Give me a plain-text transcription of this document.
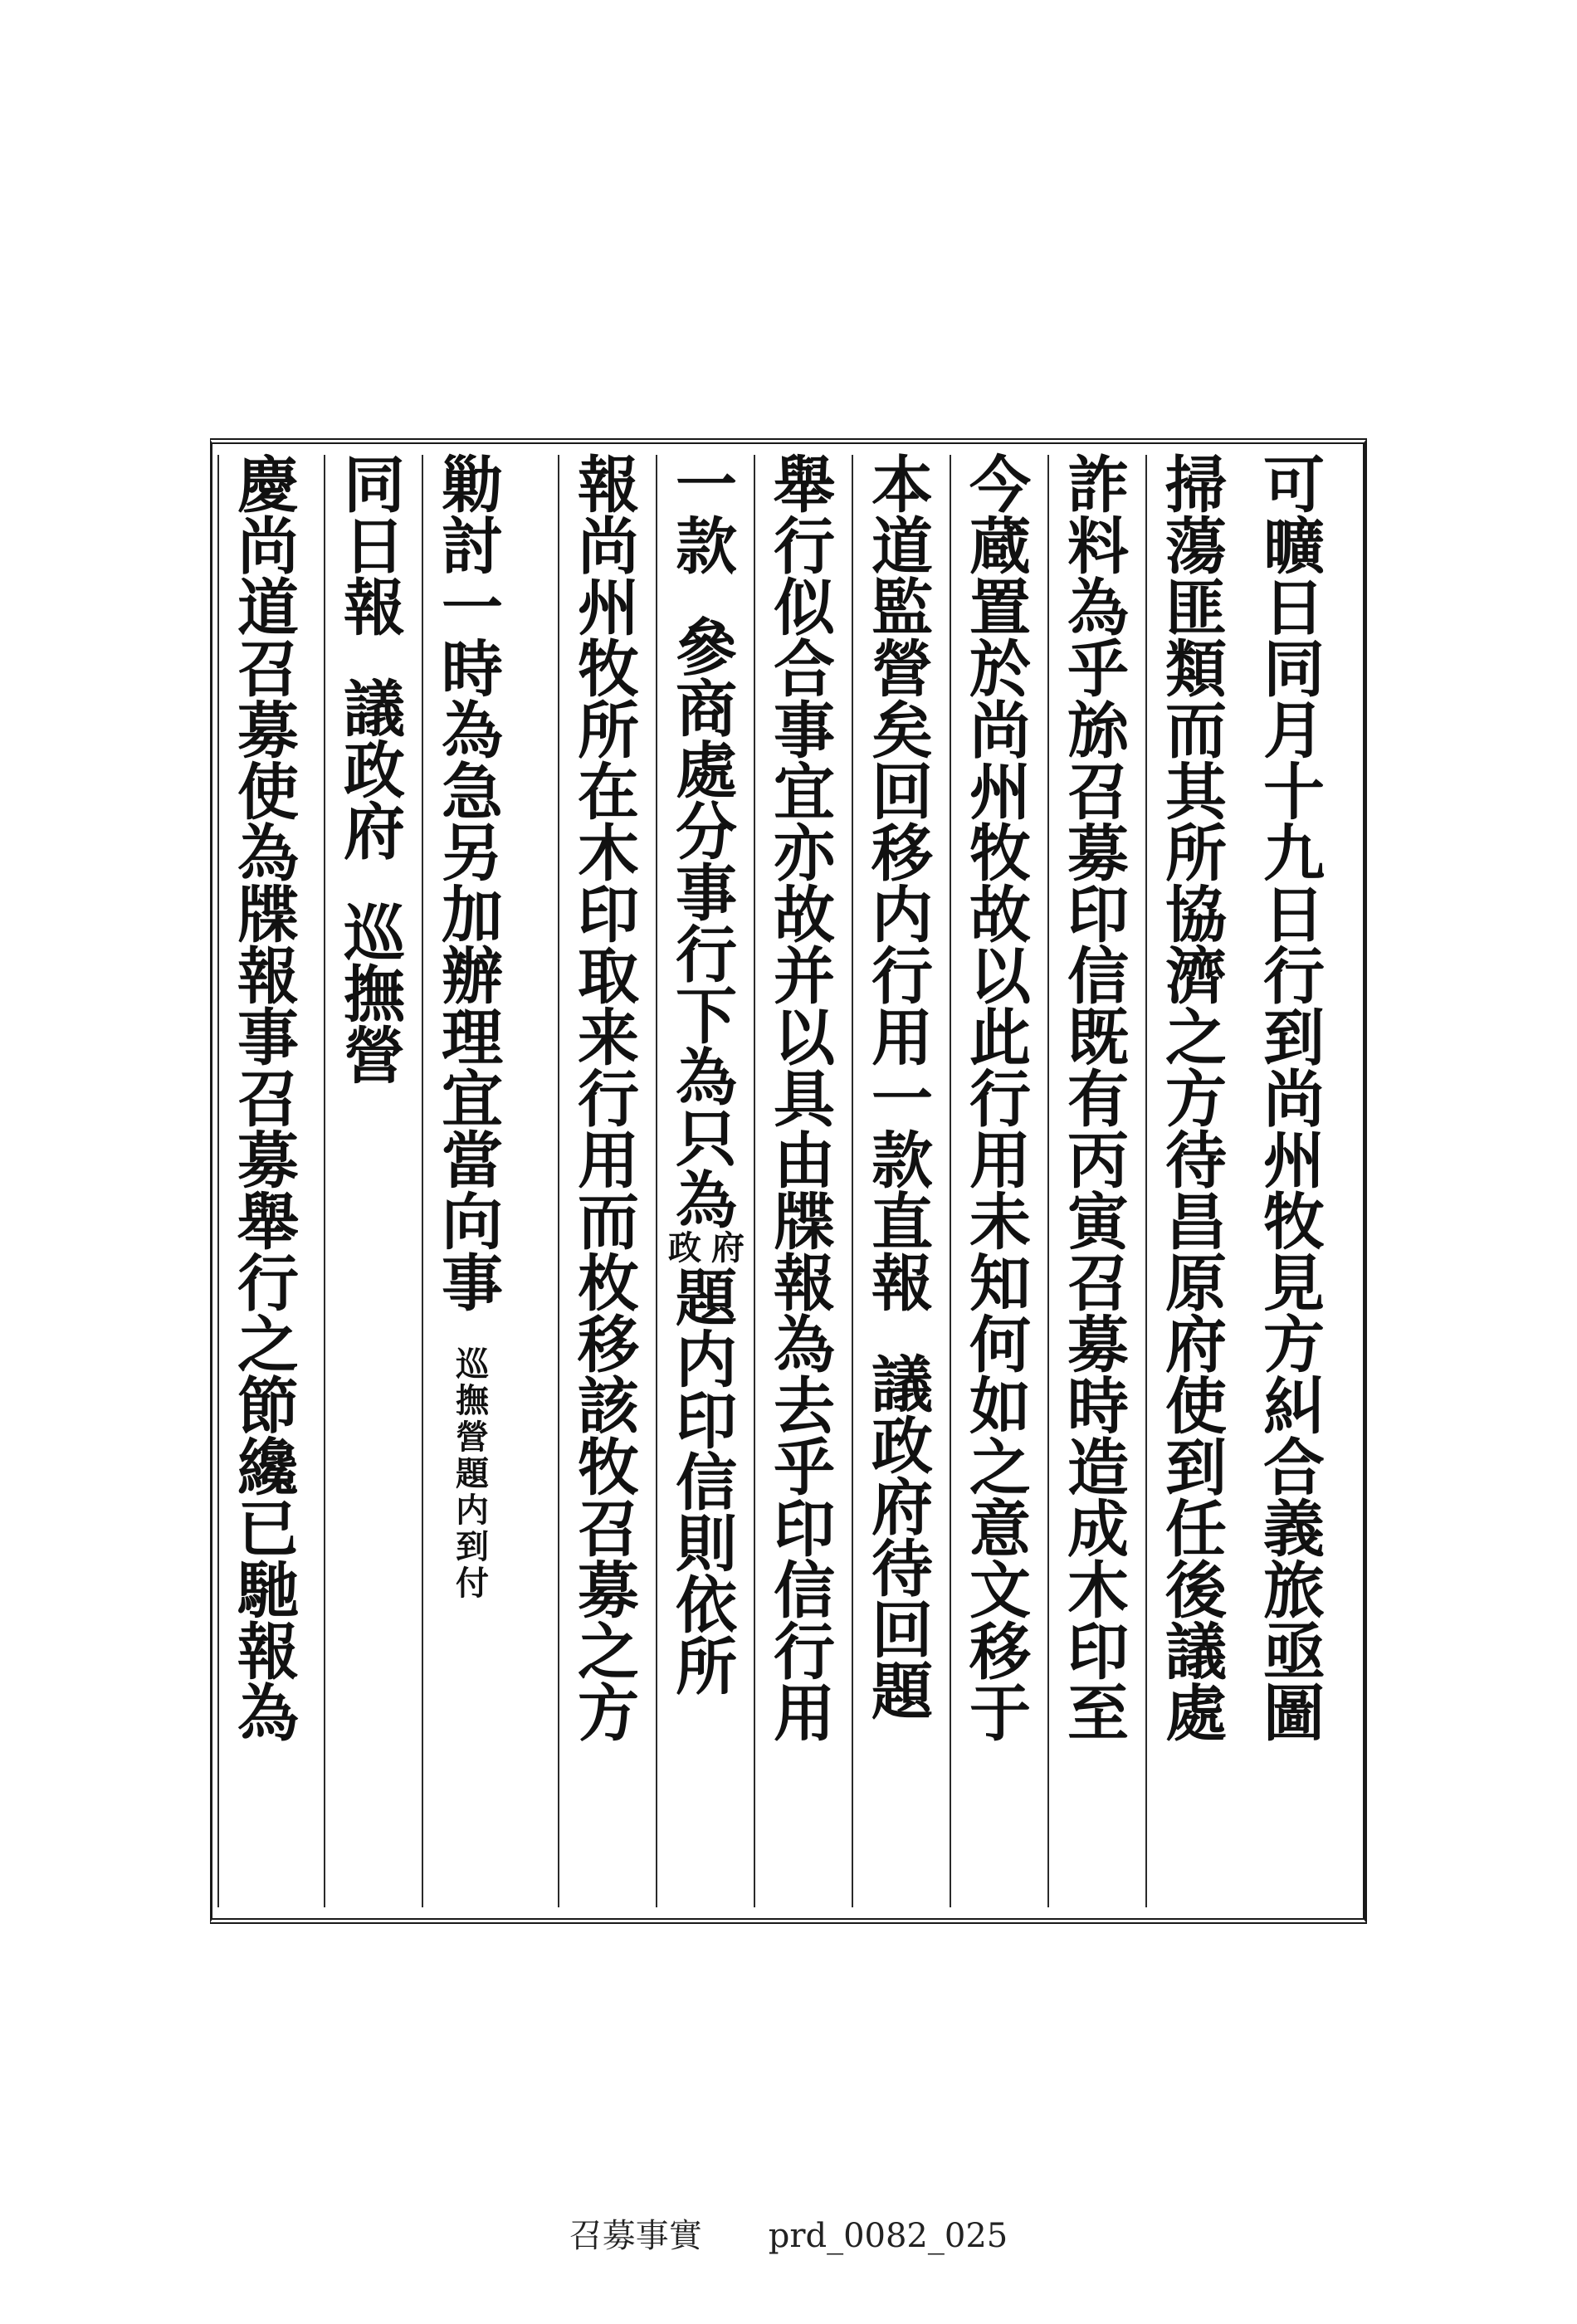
可
曠
日
同
月
十
九
日
行
到
尚
州
牧
見
方
糾
合
義
旅
亟
圖
掃
蕩
匪
類
而
其
所
協
濟
之
方
待
昌
原
府
使
到
任
後
議
處
詐
料
為
乎
旀
召
募
印
信
既
有
丙
寅
召
募
時
造
成
木
印
至
今
蔵
置
於
尚
州
牧
故
以
此
行
用
未
知
何
如
之
意
文
移
于
本
道
監
營
矣
回
移
内
行
用
一
款
直
報
議
政
府
待
回
題
舉
行
似
合
事
宜
亦
故
并
以
具
由
牒
報
為
去
乎
印
信
行
用
一
款
參
商
處
分
事
行
下
為
只
為
政 府
題
内
印
信
則
依
所
報
尚
州
牧
所
在
木
印
取
来
行
用
而
枚
移
該
牧
召
募
之
方
勦
討
一
時
為
急
另
加
辦
理
宜
當
向
事
巡
撫
營
題
内
到
付
同
日
報
議
政
府
巡
撫
營
慶
尚
道
召
募
使
為
牒
報
事
召
募
舉
行
之
節
纔
已
馳
報
為
召募事實　　prd_0082_025
